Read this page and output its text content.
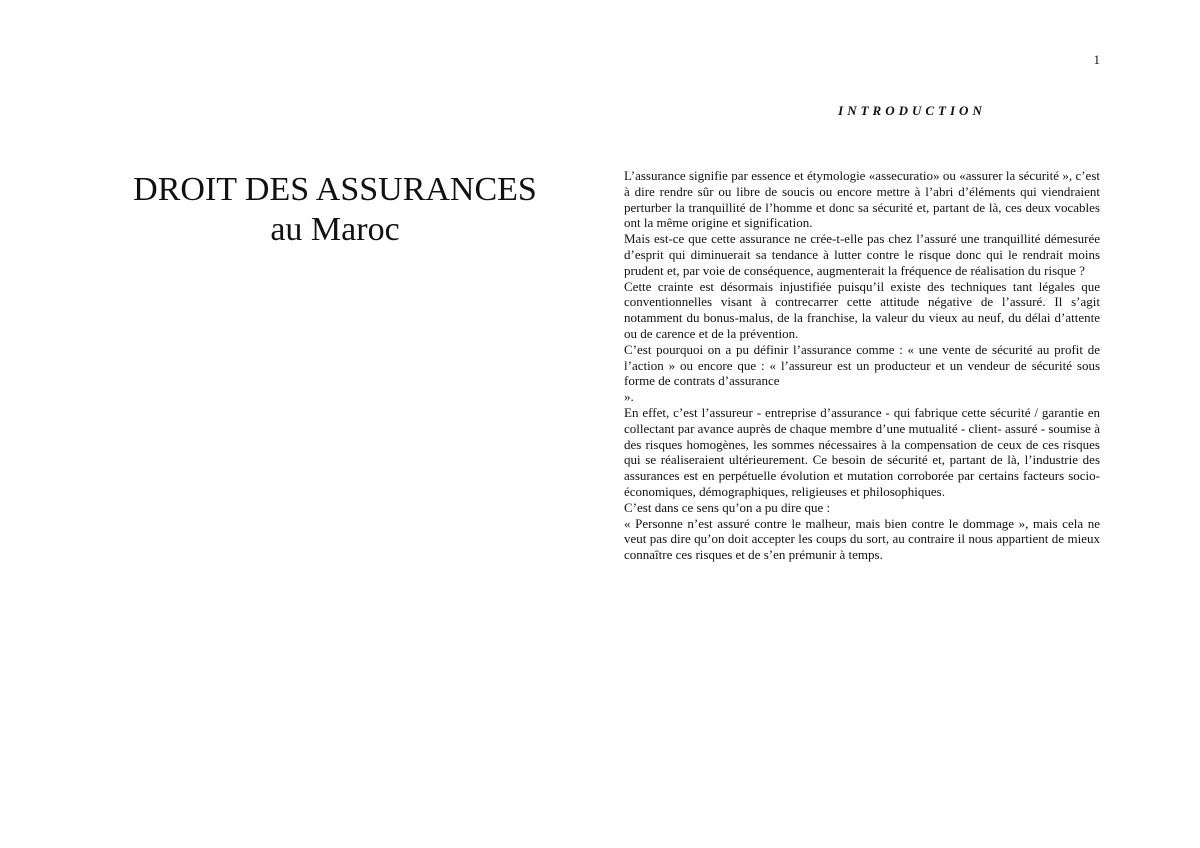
1
DROIT DES ASSURANCES
au Maroc
INTRODUCTION

L’assurance signifie par essence et étymologie «assecuratio» ou «assurer la sécurité », c’est à dire rendre sûr ou libre de soucis ou encore mettre à l’abri d’éléments qui viendraient perturber la tranquillité de l’homme et donc sa sécurité et, partant de là, ces deux vocables ont la même origine et signification.

Mais est-ce que cette assurance ne crée-t-elle pas chez l’assuré une tranquillité démesurée d’esprit qui diminuerait sa tendance à lutter contre le risque donc qui le rendrait moins prudent et, par voie de conséquence, augmenterait la fréquence de réalisation du risque ?

Cette crainte est désormais injustifiée puisqu’il existe des techniques tant légales que conventionnelles visant à contrecarrer cette attitude négative de l’assuré. Il s’agit notamment du bonus-malus, de la franchise, la valeur du vieux au neuf, du délai d’attente ou de carence et de la prévention.

C’est pourquoi on a pu définir l’assurance comme : « une vente de sécurité au profit de l’action » ou encore que : « l’assureur est un producteur et un vendeur de sécurité sous forme de contrats d’assurance

».

En effet, c’est l’assureur - entreprise d’assurance - qui fabrique cette sécurité / garantie en collectant par avance auprès de chaque membre d’une mutualité - client- assuré - soumise à des risques homogènes, les sommes nécessaires à la compensation de ceux de ces risques qui se réaliseraient ultérieurement. Ce besoin de sécurité et, partant de là, l’industrie des assurances est en perpétuelle évolution et mutation corroborée par certains facteurs socio-économiques, démographiques, religieuses et philosophiques.

C’est dans ce sens qu’on a pu dire que :

« Personne n’est assuré contre le malheur, mais bien contre le dommage », mais cela ne veut pas dire qu’on doit accepter les coups du sort, au contraire il nous appartient de mieux connaître ces risques et de s’en prémunir à temps.
